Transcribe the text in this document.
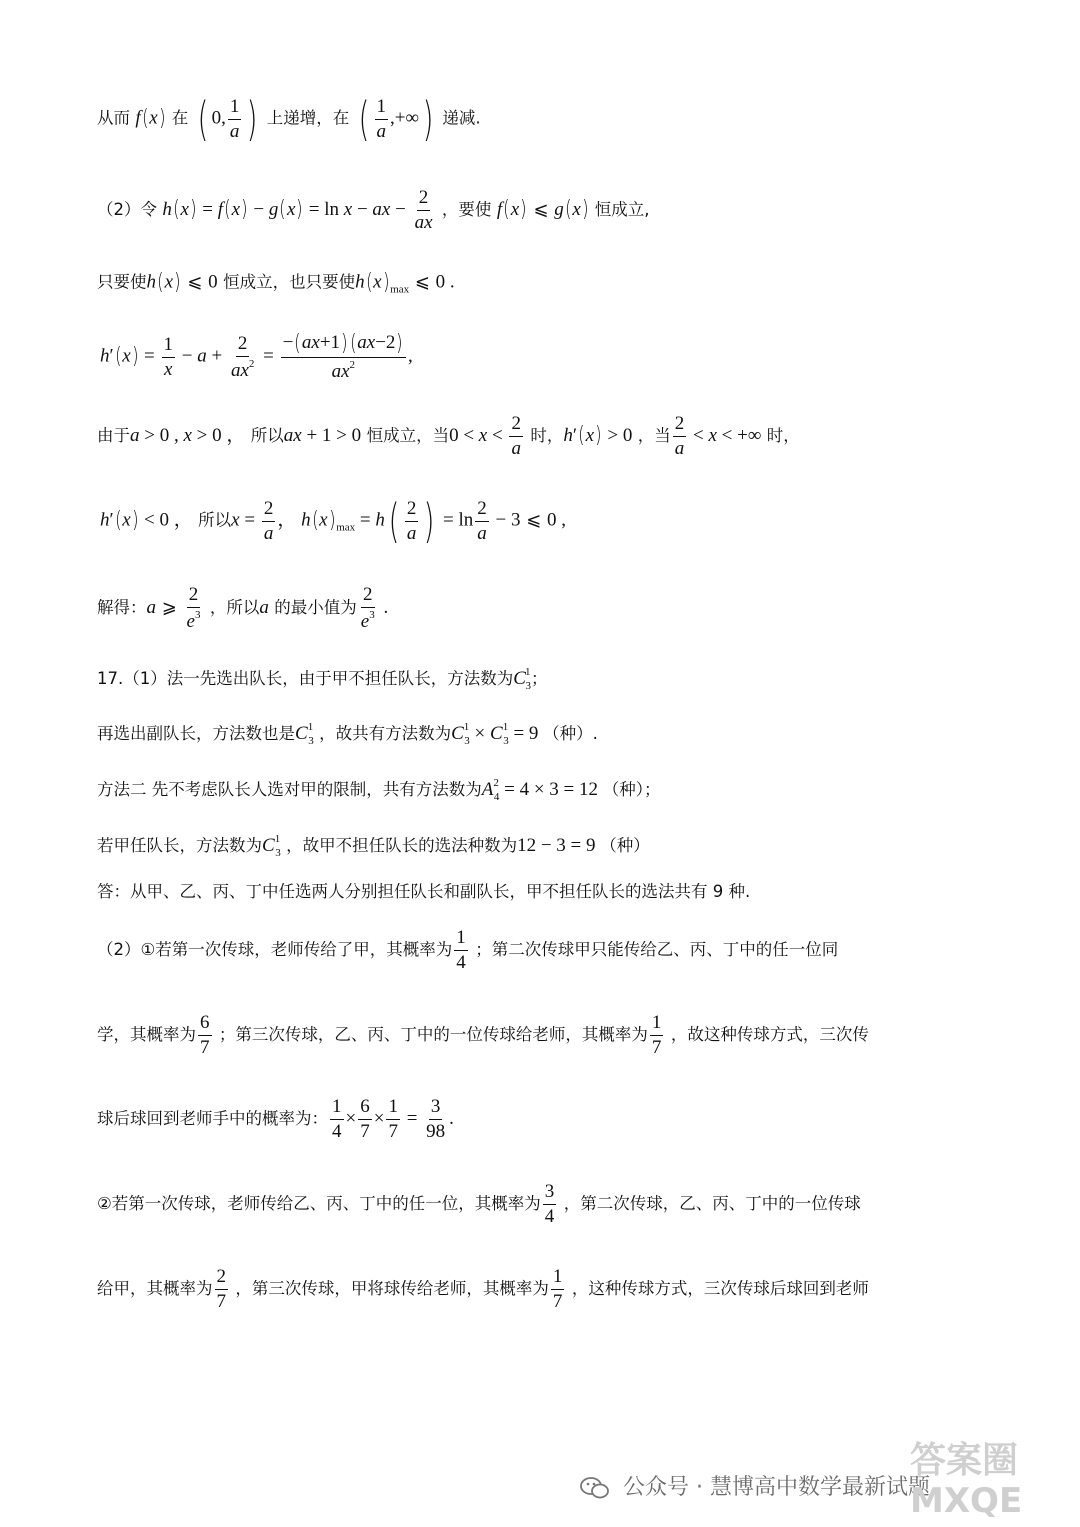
从而 f(x) 在 ( 0, $\frac{1}{a}$ ) 上递增，在 ( $\frac{1}{a}$ ,+∞) 递减.
（2）令 h(x) = f(x) − g(x) = ln x − ax − $\frac{2}{ax}$ ，要使 f(x) ⩽ g(x) 恒成立,
只要使h(x) ⩽ 0 恒成立，也只要使$h(x)_{max}$ ⩽ 0 .
$h'(x) = \frac{1}{x} - a + \frac{2}{ax^2} = \frac{-(ax+1)(ax-2)}{ax^2}$ ,
由于a > 0 , x > 0 ， 所以ax + 1 > 0 恒成立，当$0 < x < \frac{2}{a}$ 时，h′(x) > 0 ，当 $\frac{2}{a} < x$ < +∞ 时，
h′(x) < 0 ， 所以$x = \frac{2}{a}$ ， $h(x)_{max} = h( \frac{2}{a}$ ) = $\ln \frac{2}{a} - 3$ ⩽ 0 ,
解得：a ⩾ $\frac{2}{e^3}$ ，所以a 的最小值为 $\frac{2}{e^3}$ .
17.（1）法一先选出队长，由于甲不担任队长，方法数为$C^1_3$；
再选出副队长，方法数也是$C^1_3$ ，故共有方法数为$C^1_3 \times C^1_3 = 9$ （种）.
方法二 先不考虑队长人选对甲的限制，共有方法数为$A^2_4 = 4 \times 3 = 12$ （种）；
若甲任队长，方法数为$C^1_3$ ，故甲不担任队长的选法种数为12 − 3 = 9 （种）
答：从甲、乙、丙、丁中任选两人分别担任队长和副队长，甲不担任队长的选法共有 9 种.
（2）①若第一次传球，老师传给了甲，其概率为 $\frac{1}{4}$ ；第二次传球甲只能传给乙、丙、丁中的任一位同
学，其概率为 $\frac{6}{7}$ ；第三次传球，乙、丙、丁中的一位传球给老师，其概率为 $\frac{1}{7}$ ，故这种传球方式，三次传
球后球回到老师手中的概率为： $\frac{1}{4} \times \frac{6}{7} \times \frac{1}{7} = \frac{3}{98}$ .
②若第一次传球，老师传给乙、丙、丁中的任一位，其概率为 $\frac{3}{4}$ ，第二次传球，乙、丙、丁中的一位传球
给甲，其概率为 $\frac{2}{7}$ ，第三次传球，甲将球传给老师，其概率为 $\frac{1}{7}$ ，这种传球方式，三次传球后球回到老师
公众号 · 慧博高中数学最新试题
答案圈
MXQE
